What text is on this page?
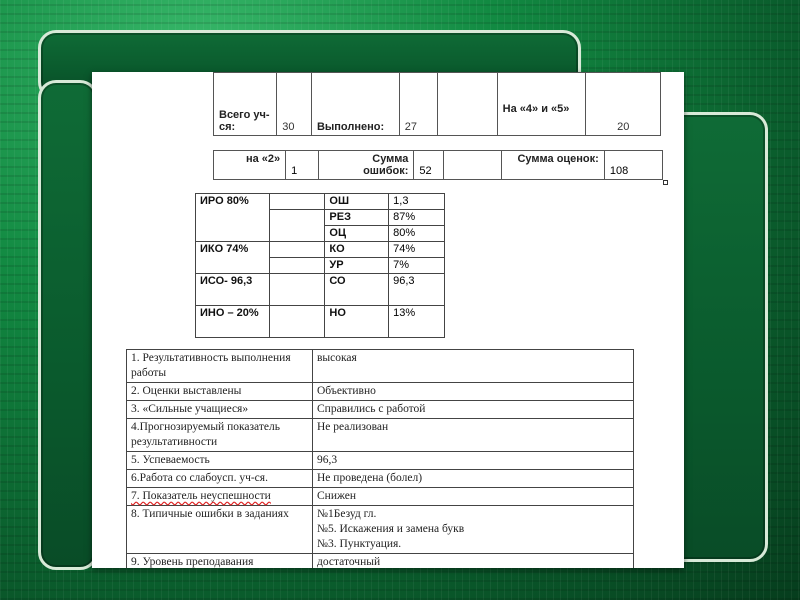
Всего уч-ся:	30	Выполнено:	27		На «4» и «5»	20
на «2»	1	Сумма ошибок:	52		Сумма оценок:	108
ИРО 80%		ОШ	1,3
		РЕЗ	87%
		ОЦ	80%
ИКО 74%		КО	74%
		УР	7%
ИСО- 96,3		СО	96,3
ИНО – 20%		НО	13%
1. Результативность выполнения работы	высокая
2. Оценки выставлены	Объективно
3. «Сильные учащиеся»	Справились с работой
4.Прогнозируемый показатель результативности	Не реализован
5. Успеваемость	96,3
6.Работа со слабоусп. уч-ся.	Не проведена (болел)
7. Показатель неуспешности	Снижен
8. Типичные ошибки в заданиях	№1Безуд гл.
№5. Искажения и замена букв
№3. Пунктуация.

9. Уровень преподавания	достаточный
